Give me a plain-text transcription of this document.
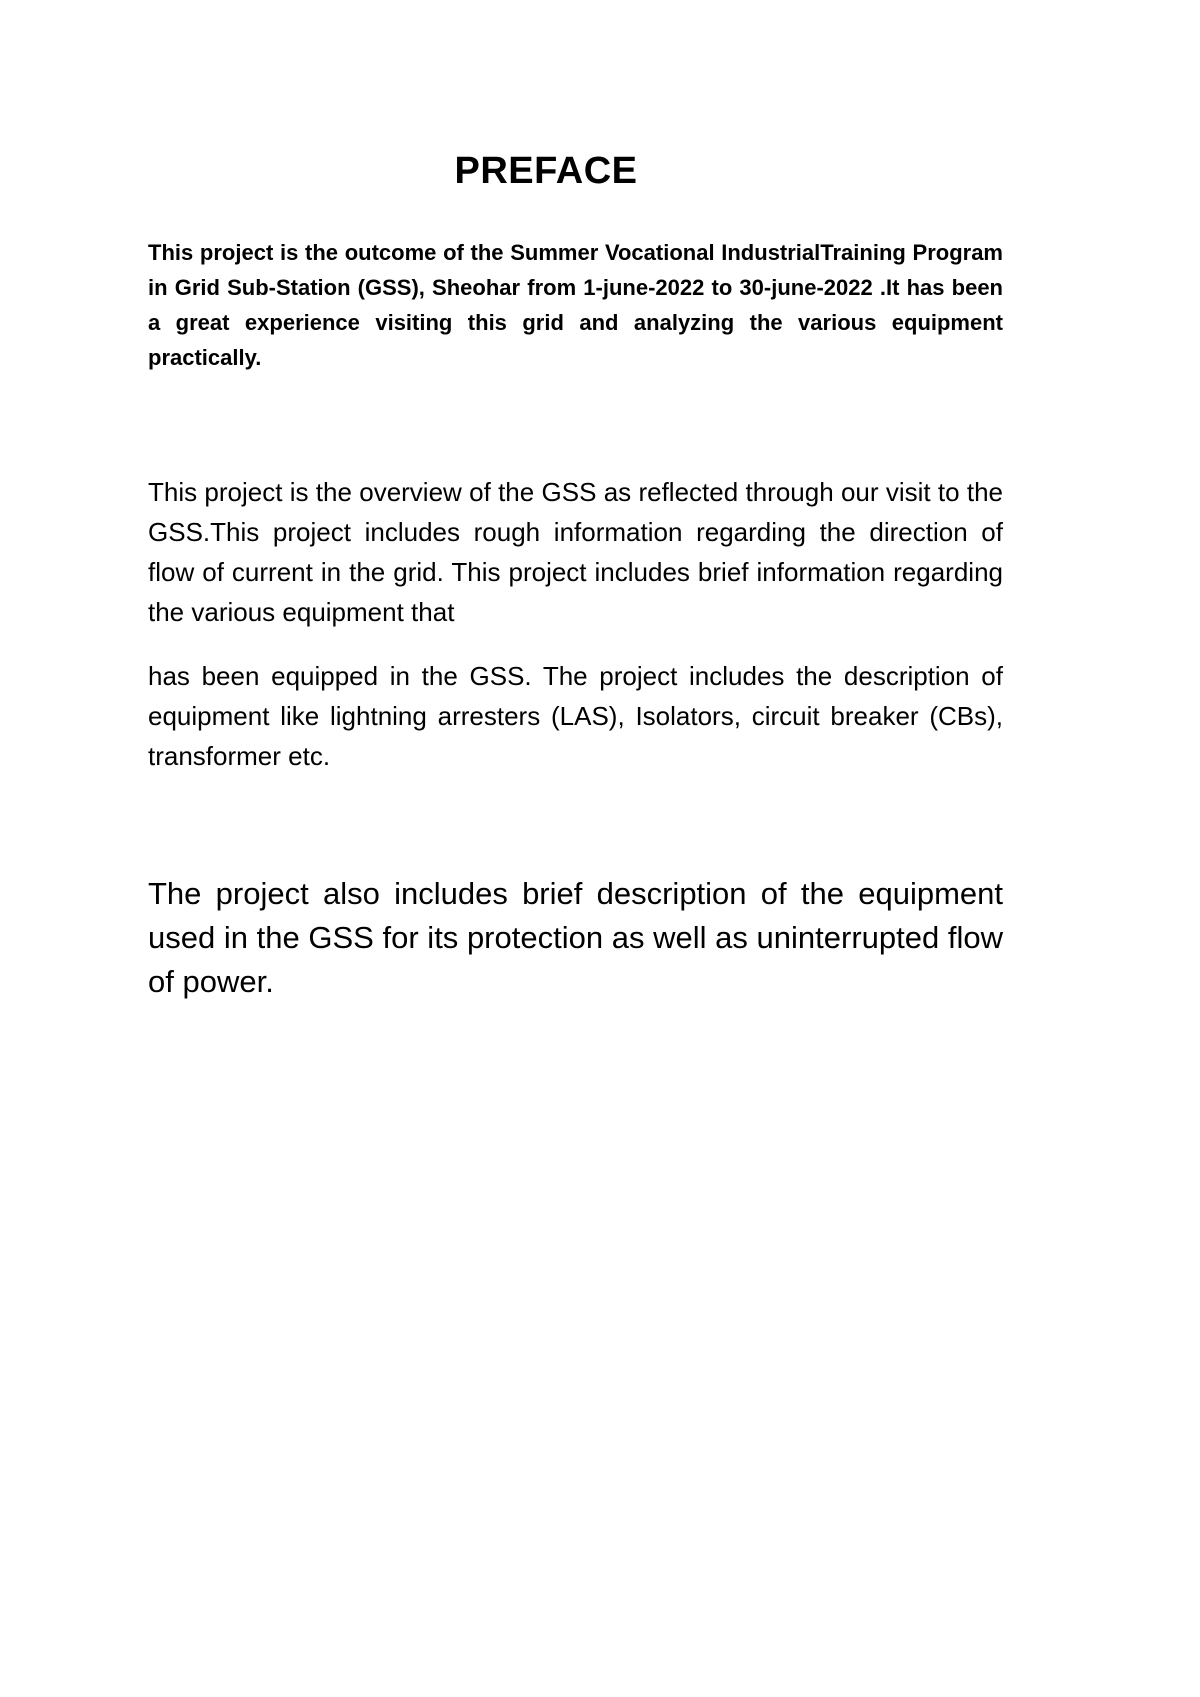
PREFACE

This project is the outcome of the Summer Vocational IndustrialTraining Program in Grid Sub-Station (GSS), Sheohar from 1-june-2022 to 30-june-2022 .It has been a great experience visiting this grid and analyzing the various equipment practically.

This project is the overview of the GSS as reflected through our visit to the GSS.This project includes rough information regarding the direction of flow of current in the grid. This project includes brief information regarding the various equipment that

has been equipped in the GSS. The project includes the description of equipment like lightning arresters (LAS), Isolators, circuit breaker (CBs), transformer etc.

The project also includes brief description of the equipment used in the GSS for its protection as well as uninterrupted flow of power.
